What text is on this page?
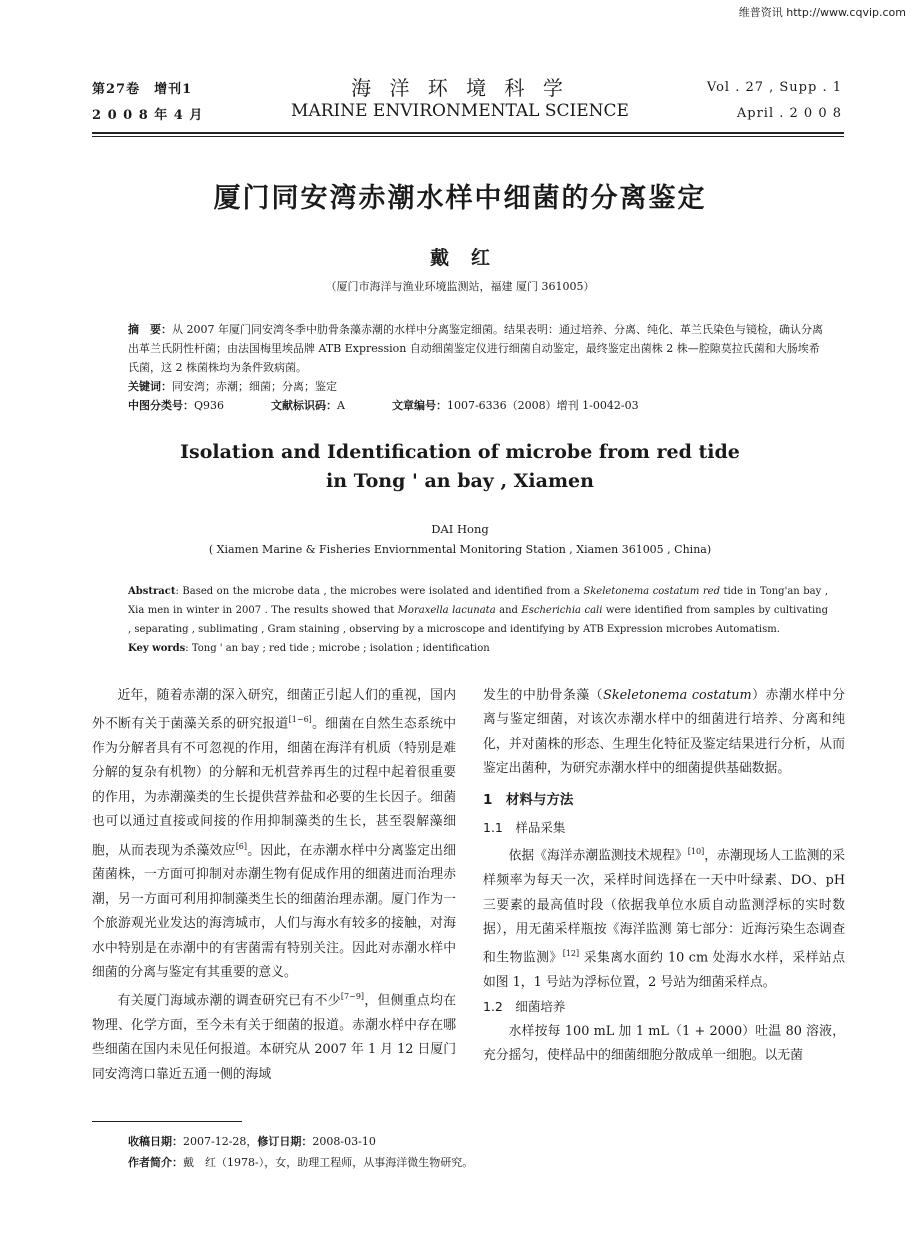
维普资讯 http://www.cqvip.com
第27卷　增刊1
2 0 0 8 年 4 月
海 洋 环 境 科 学
MARINE ENVIRONMENTAL SCIENCE
Vol . 27 , Supp . 1
April . 2 0 0 8
厦门同安湾赤潮水样中细菌的分离鉴定
戴红
（厦门市海洋与渔业环境监测站，福建 厦门 361005）
摘　要：从 2007 年厦门同安湾冬季中肋骨条藻赤潮的水样中分离鉴定细菌。结果表明：通过培养、分离、纯化、革兰氏染色与镜检，确认分离出革兰氏阴性杆菌；由法国梅里埃品牌 ATB Expression 自动细菌鉴定仪进行细菌自动鉴定，最终鉴定出菌株 2 株—腔隙莫拉氏菌和大肠埃希氏菌，这 2 株菌株均为条件致病菌。
关键词：同安湾；赤潮；细菌；分离；鉴定
中图分类号：Q936	文献标识码：A	文章编号：1007-6336（2008）增刊 1-0042-03
Isolation and Identification of microbe from red tide
in Tong ' an bay , Xiamen
DAI Hong
( Xiamen Marine & Fisheries Enviornmental Monitoring Station , Xiamen 361005 , China)
Abstract: Based on the microbe data , the microbes were isolated and identified from a Skeletonema costatum red tide in Tong'an bay , Xia men in winter in 2007 . The results showed that Moraxella lacunata and Escherichia cali were identified from samples by cultivating , separating , sublimating , Gram staining , observing by a microscope and identifying by ATB Expression microbes Automatism.
Key words: Tong ' an bay ; red tide ; microbe ; isolation ; identification

近年，随着赤潮的深入研究，细菌正引起人们的重视，国内外不断有关于菌藻关系的研究报道[1~6]。细菌在自然生态系统中作为分解者具有不可忽视的作用，细菌在海洋有机质（特别是难分解的复杂有机物）的分解和无机营养再生的过程中起着很重要的作用，为赤潮藻类的生长提供营养盐和必要的生长因子。细菌也可以通过直接或间接的作用抑制藻类的生长，甚至裂解藻细胞，从而表现为杀藻效应[6]。因此，在赤潮水样中分离鉴定出细菌菌株，一方面可抑制对赤潮生物有促成作用的细菌进而治理赤潮，另一方面可利用抑制藻类生长的细菌治理赤潮。厦门作为一个旅游观光业发达的海湾城市，人们与海水有较多的接触，对海水中特别是在赤潮中的有害菌需有特别关注。因此对赤潮水样中细菌的分离与鉴定有其重要的意义。

有关厦门海域赤潮的调查研究已有不少[7~9]，但侧重点均在物理、化学方面，至今未有关于细菌的报道。赤潮水样中存在哪些细菌在国内未见任何报道。本研究从 2007 年 1 月 12 日厦门同安湾湾口靠近五通一侧的海域

发生的中肋骨条藻（Skeletonema costatum）赤潮水样中分离与鉴定细菌，对该次赤潮水样中的细菌进行培养、分离和纯化，并对菌株的形态、生理生化特征及鉴定结果进行分析，从而鉴定出菌种，为研究赤潮水样中的细菌提供基础数据。
1　材料与方法
1.1　样品采集

依据《海洋赤潮监测技术规程》[10]，赤潮现场人工监测的采样频率为每天一次，采样时间选择在一天中叶绿素、DO、pH 三要素的最高值时段（依据我单位水质自动监测浮标的实时数据），用无菌采样瓶按《海洋监测 第七部分：近海污染生态调查和生物监测》[12] 采集离水面约 10 cm 处海水水样，采样站点如图 1，1 号站为浮标位置，2 号站为细菌采样点。

1.2　细菌培养

水样按每 100 mL 加 1 mL（1 + 2000）吐温 80 溶液，充分摇匀，使样品中的细菌细胞分散成单一细胞。以无菌

收稿日期：2007-12-28，修订日期：2008-03-10
作者简介：戴　红（1978-），女，助理工程师，从事海洋微生物研究。
